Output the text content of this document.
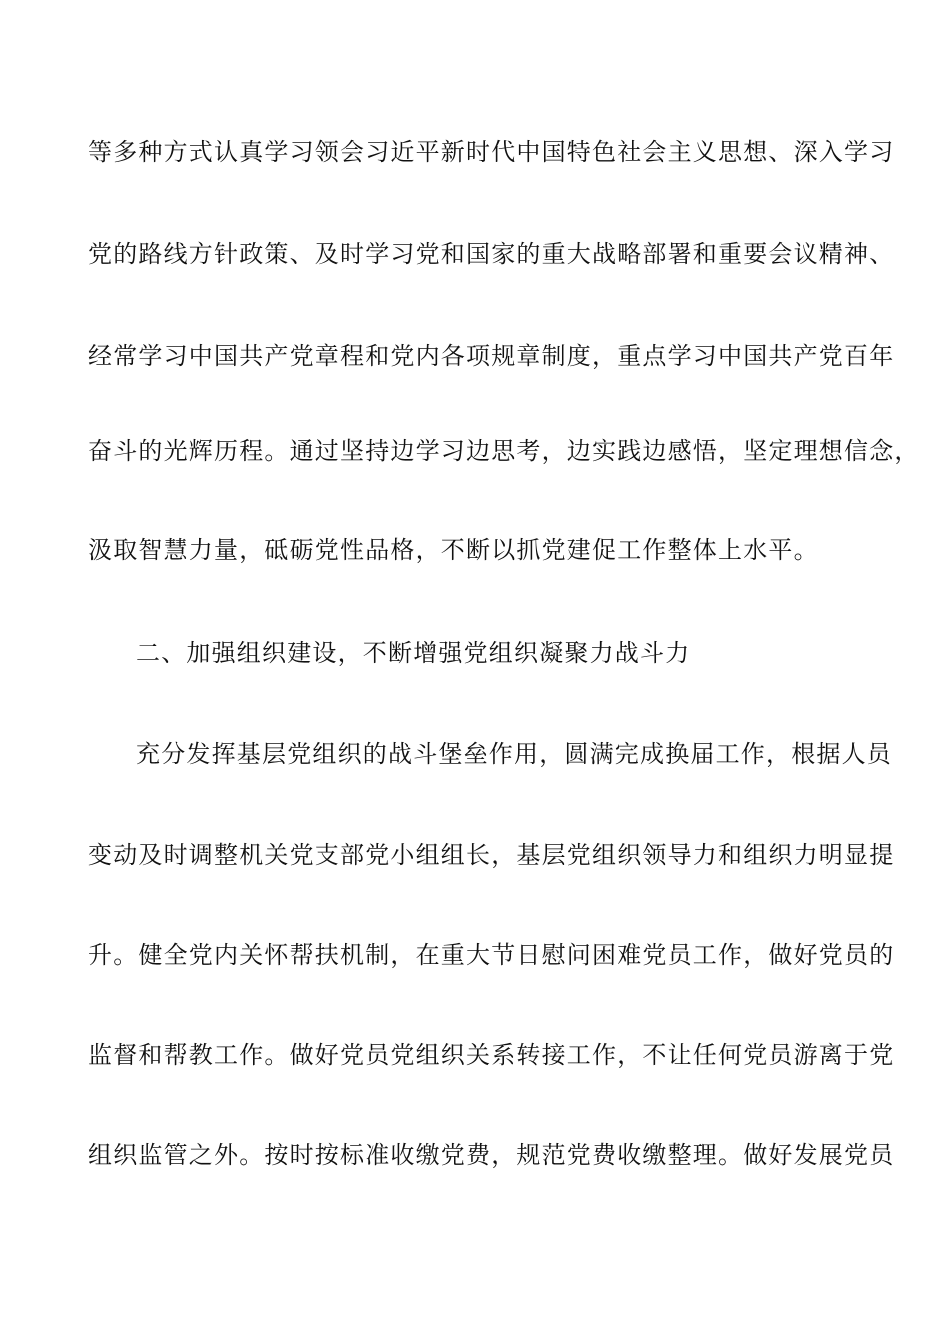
等多种方式认真学习领会习近平新时代中国特色社会主义思想、深入学习
党的路线方针政策、及时学习党和国家的重大战略部署和重要会议精神、
经常学习中国共产党章程和党内各项规章制度，重点学习中国共产党百年
奋斗的光辉历程。通过坚持边学习边思考，边实践边感悟，坚定理想信念，
汲取智慧力量，砥砺党性品格，不断以抓党建促工作整体上水平。
二、加强组织建设，不断增强党组织凝聚力战斗力
充分发挥基层党组织的战斗堡垒作用，圆满完成换届工作，根据人员
变动及时调整机关党支部党小组组长，基层党组织领导力和组织力明显提
升。健全党内关怀帮扶机制，在重大节日慰问困难党员工作，做好党员的
监督和帮教工作。做好党员党组织关系转接工作，不让任何党员游离于党
组织监管之外。按时按标准收缴党费，规范党费收缴整理。做好发展党员
